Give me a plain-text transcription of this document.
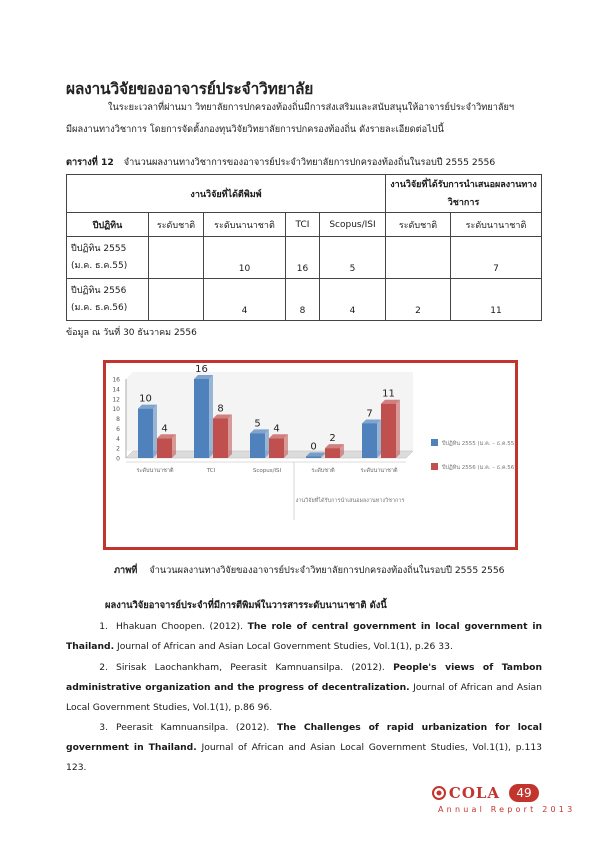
ผลงานวิจัยของอาจารย์ประจำวิทยาลัย
ในระยะเวลาที่ผ่านมา วิทยาลัยการปกครองท้องถิ่นมีการส่งเสริมและสนับสนุนให้อาจารย์ประจำวิทยาลัยฯ
มีผลงานทางวิชาการ โดยการจัดตั้งกองทุนวิจัยวิทยาลัยการปกครองท้องถิ่น ดังรายละเอียดต่อไปนี้
ตารางที่ 12 จำนวนผลงานทางวิชาการของอาจารย์ประจำวิทยาลัยการปกครองท้องถิ่นในรอบปี 2555 2556
งานวิจัยที่ได้ตีพิมพ์					งานวิจัยที่ได้รับการนำเสนอผลงานทางวิชาการ	
ปีปฏิทิน	ระดับชาติ	ระดับนานาชาติ	TCI	Scopus/ISI	ระดับชาติ	ระดับนานาชาติ
ปีปฏิทิน 2555
(ม.ค. ธ.ค.55)		10	16	5		7
ปีปฏิทิน 2556
(ม.ค. ธ.ค.56)		4	8	4	2	11
ข้อมูล ณ วันที่ 30 ธันวาคม 2556
0
2
4
6
8
10
12
14
16
10
4
ระดับนานาชาติ
16
8
TCI
5 4
Scopus/ISI
0
2
ระดับชาติ
7
11
ระดับนานาชาติ
งานวิจัยที่ได้รับการนำเสนอผลงานทางวิชาการ
ปีปฏิทิน 2555 (ม.ค. – ธ.ค.55)
ปีปฏิทิน 2556 (ม.ค. – ธ.ค.56)
ภาพที่ จำนวนผลงานทางวิจัยของอาจารย์ประจำวิทยาลัยการปกครองท้องถิ่นในรอบปี 2555 2556
ผลงานวิจัยอาจารย์ประจำที่มีการตีพิมพ์ในวารสารระดับนานาชาติ ดังนี้
1. Hhakuan Choopen. (2012). The role of central government in local government in Thailand. Journal of African and Asian Local Government Studies, Vol.1(1), p.26 33.
2. Sirisak Laochankham, Peerasit Kamnuansilpa. (2012). People's views of Tambon administrative organization and the progress of decentralization. Journal of African and Asian Local Government Studies, Vol.1(1), p.86 96.
3. Peerasit Kamnuansilpa. (2012). The Challenges of rapid urbanization for local government in Thailand. Journal of African and Asian Local Government Studies, Vol.1(1), p.113 123.
COLA	49
Annual Report 2013
